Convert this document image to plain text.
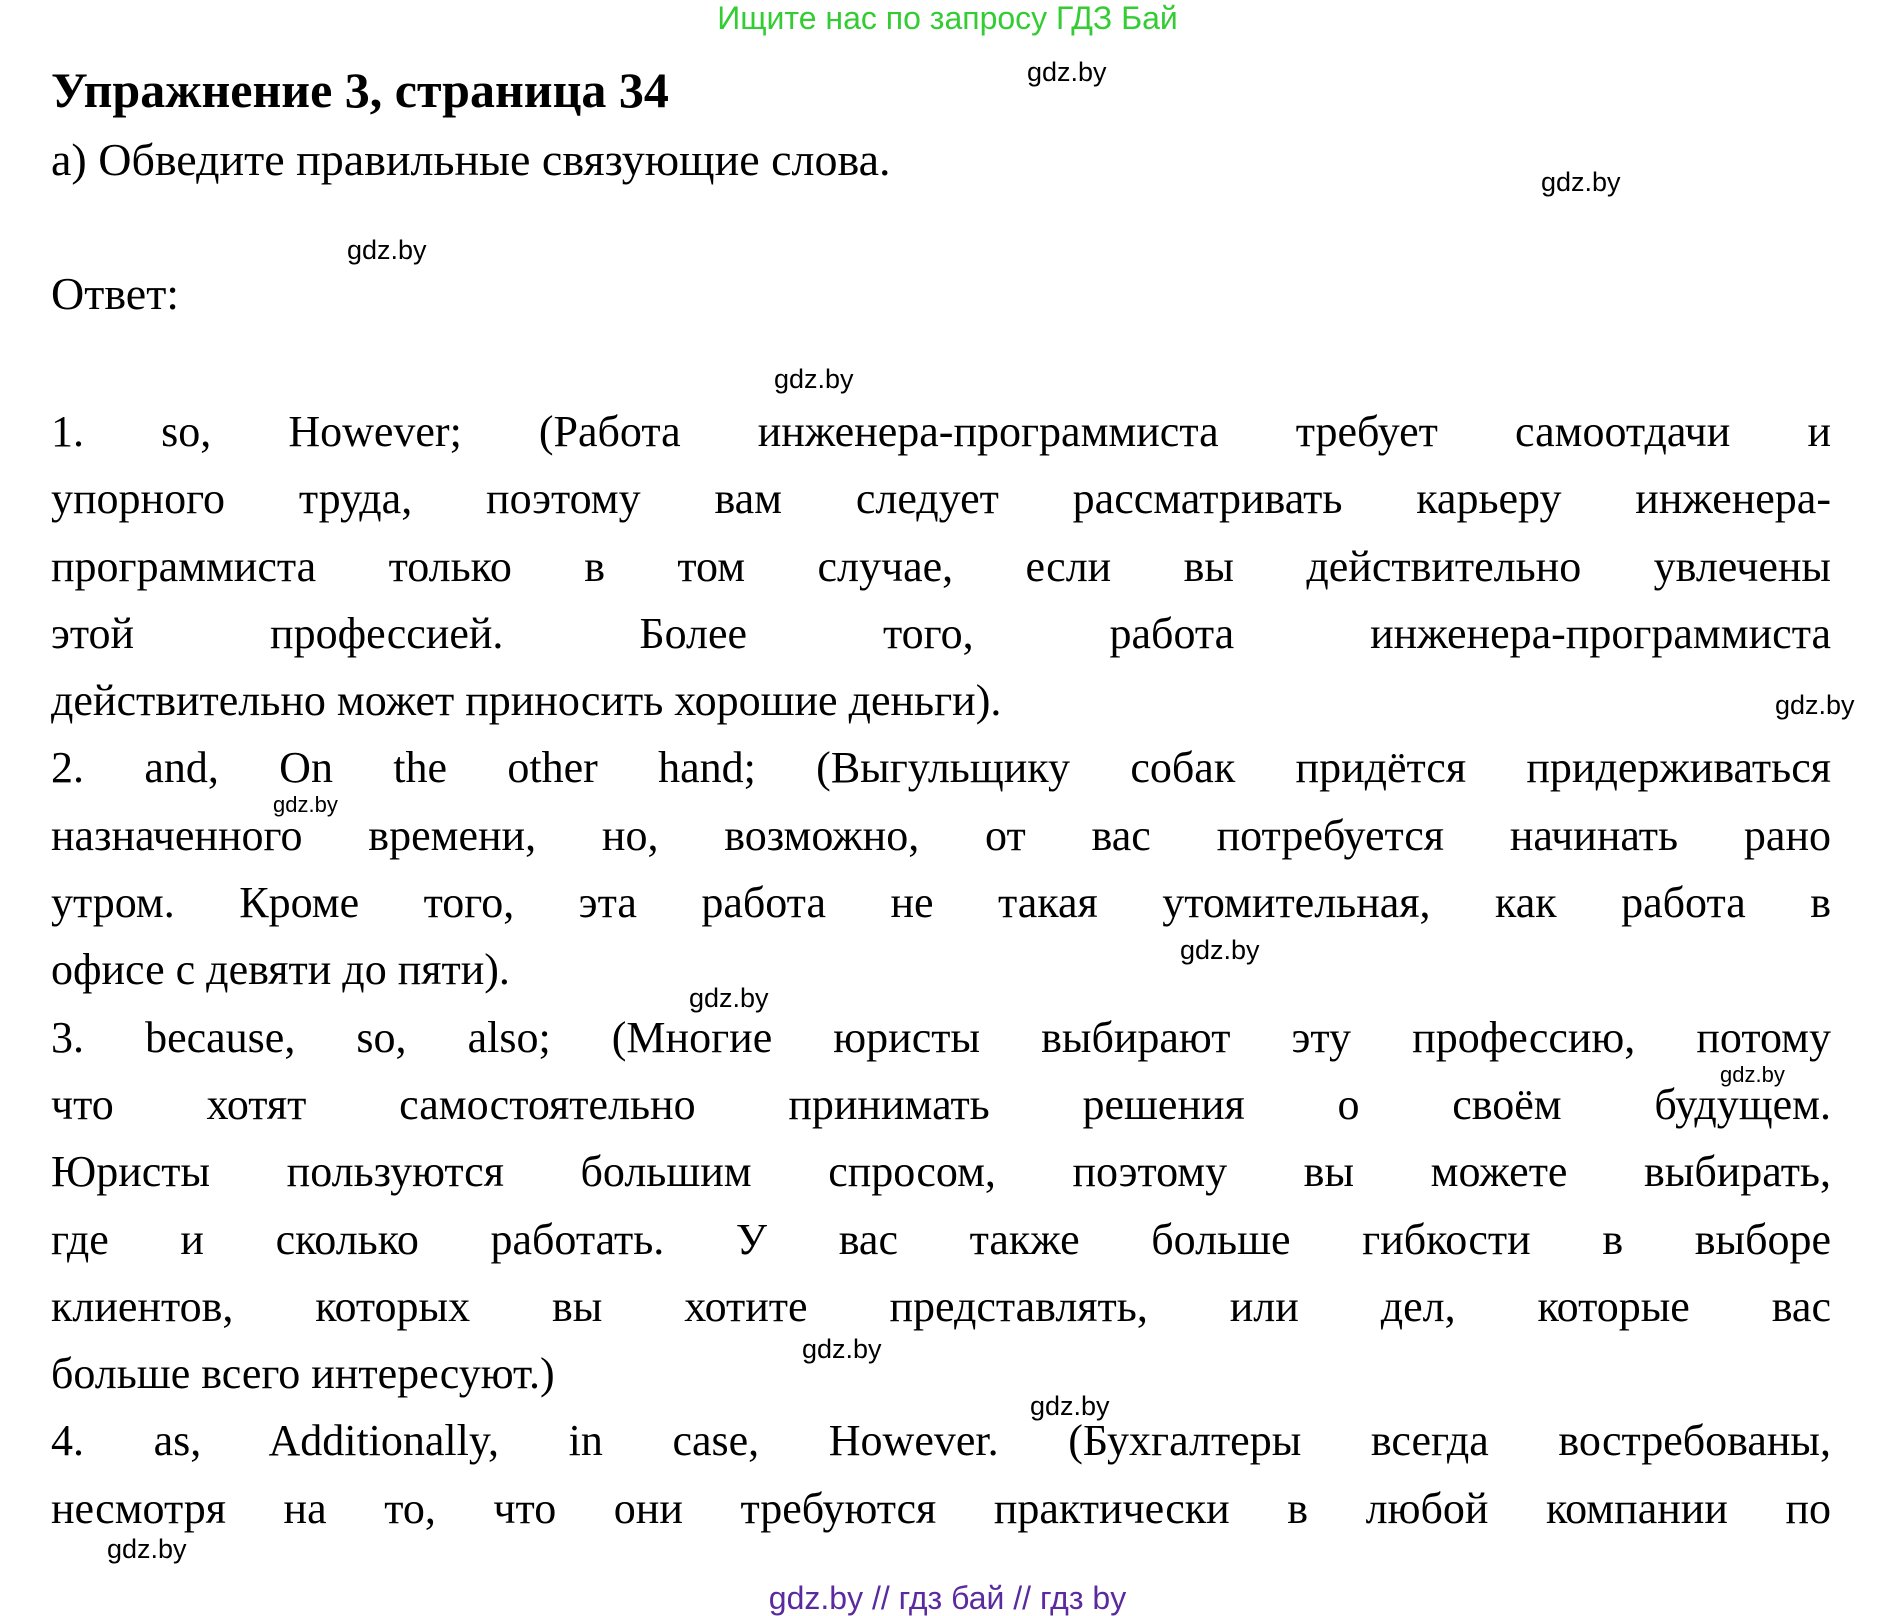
Ищите нас по запросу ГДЗ Бай
Упражнение 3, страница 34
а) Обведите правильные связующие слова.
Ответ:
1. so, However; (Работа инженера-программиста требует самоотдачи и
упорного труда, поэтому вам следует рассматривать карьеру инженера-
программиста только в том случае, если вы действительно увлечены
этой профессией. Более того, работа инженера-программиста
действительно может приносить хорошие деньги).
2. and, On the other hand; (Выгульщику собак придётся придерживаться
назначенного времени, но, возможно, от вас потребуется начинать рано
утром. Кроме того, эта работа не такая утомительная, как работа в
офисе с девяти до пяти).
3. because, so, also; (Многие юристы выбирают эту профессию, потому
что хотят самостоятельно принимать решения о своём будущем.
Юристы пользуются большим спросом, поэтому вы можете выбирать,
где и сколько работать. У вас также больше гибкости в выборе
клиентов, которых вы хотите представлять, или дел, которые вас
больше всего интересуют.)
4. as, Additionally, in case, However. (Бухгалтеры всегда востребованы,
несмотря на то, что они требуются практически в любой компании по
gdz.by
gdz.by
gdz.by
gdz.by
gdz.by
gdz.by
gdz.by
gdz.by
gdz.by
gdz.by
gdz.by
gdz.by
gdz.by // гдз бай // гдз by
